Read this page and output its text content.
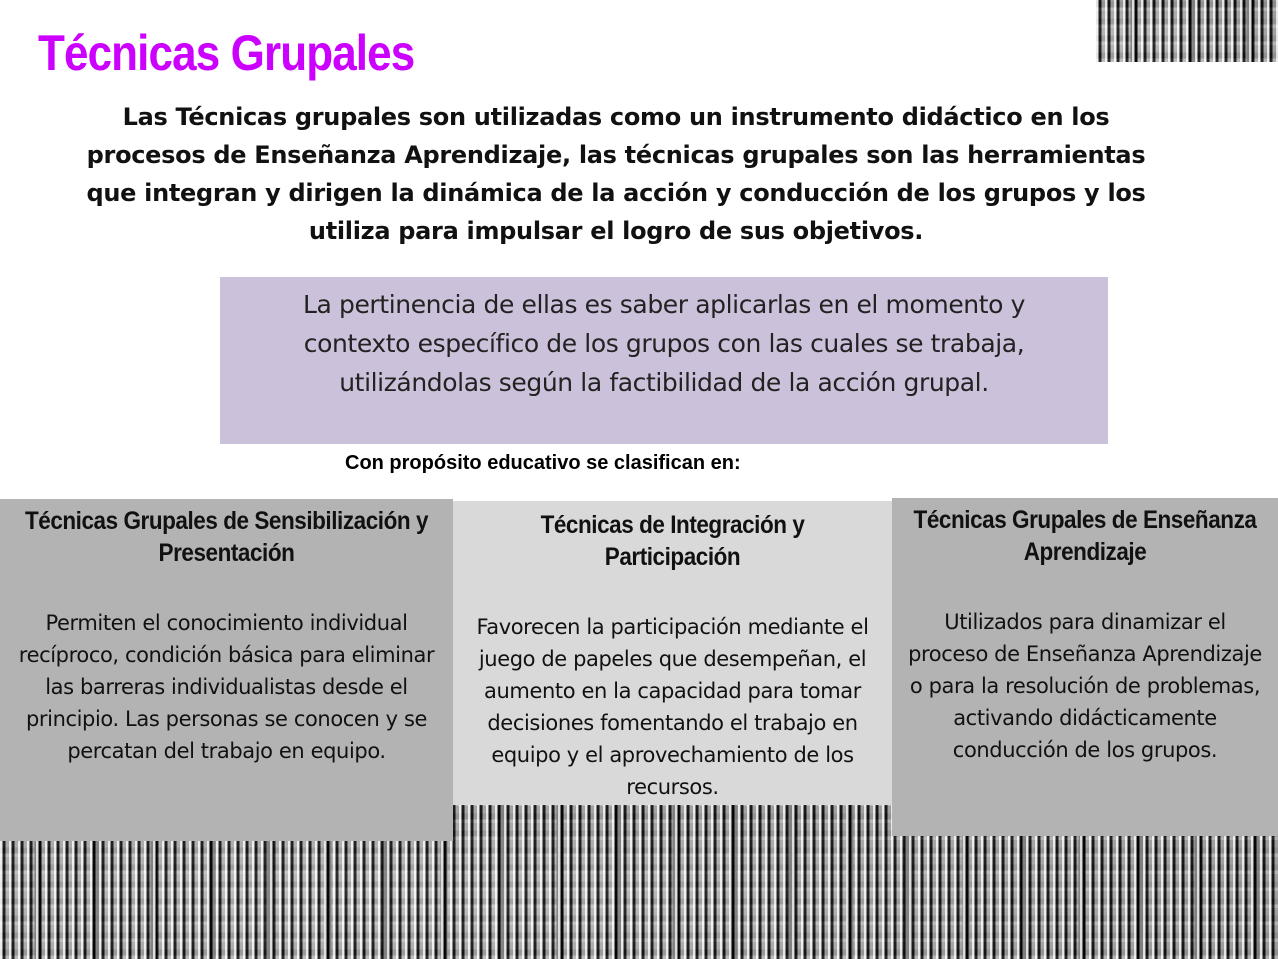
Técnicas Grupales
Las Técnicas grupales son utilizadas como un instrumento didáctico en los procesos de Enseñanza Aprendizaje, las técnicas grupales son las herramientas que integran y dirigen la dinámica de la acción y conducción de los grupos y los utiliza para impulsar el logro de sus objetivos.
La pertinencia de ellas es saber aplicarlas en el momento y contexto específico de los grupos con las cuales se trabaja, utilizándolas según la factibilidad de la acción grupal.
Con propósito educativo se clasifican en:
Técnicas Grupales de Sensibilización y Presentación
Permiten el conocimiento individual recíproco, condición básica para eliminar las barreras individualistas desde el principio. Las personas se conocen y se percatan del trabajo en equipo.
Técnicas de Integración y Participación
Favorecen la participación mediante el juego de papeles que desempeñan, el aumento en la capacidad para tomar decisiones fomentando el trabajo en equipo y el aprovechamiento de los recursos.
Técnicas Grupales de Enseñanza Aprendizaje
Utilizados para dinamizar el proceso de Enseñanza Aprendizaje o para la resolución de problemas, activando didácticamente conducción de los grupos.
